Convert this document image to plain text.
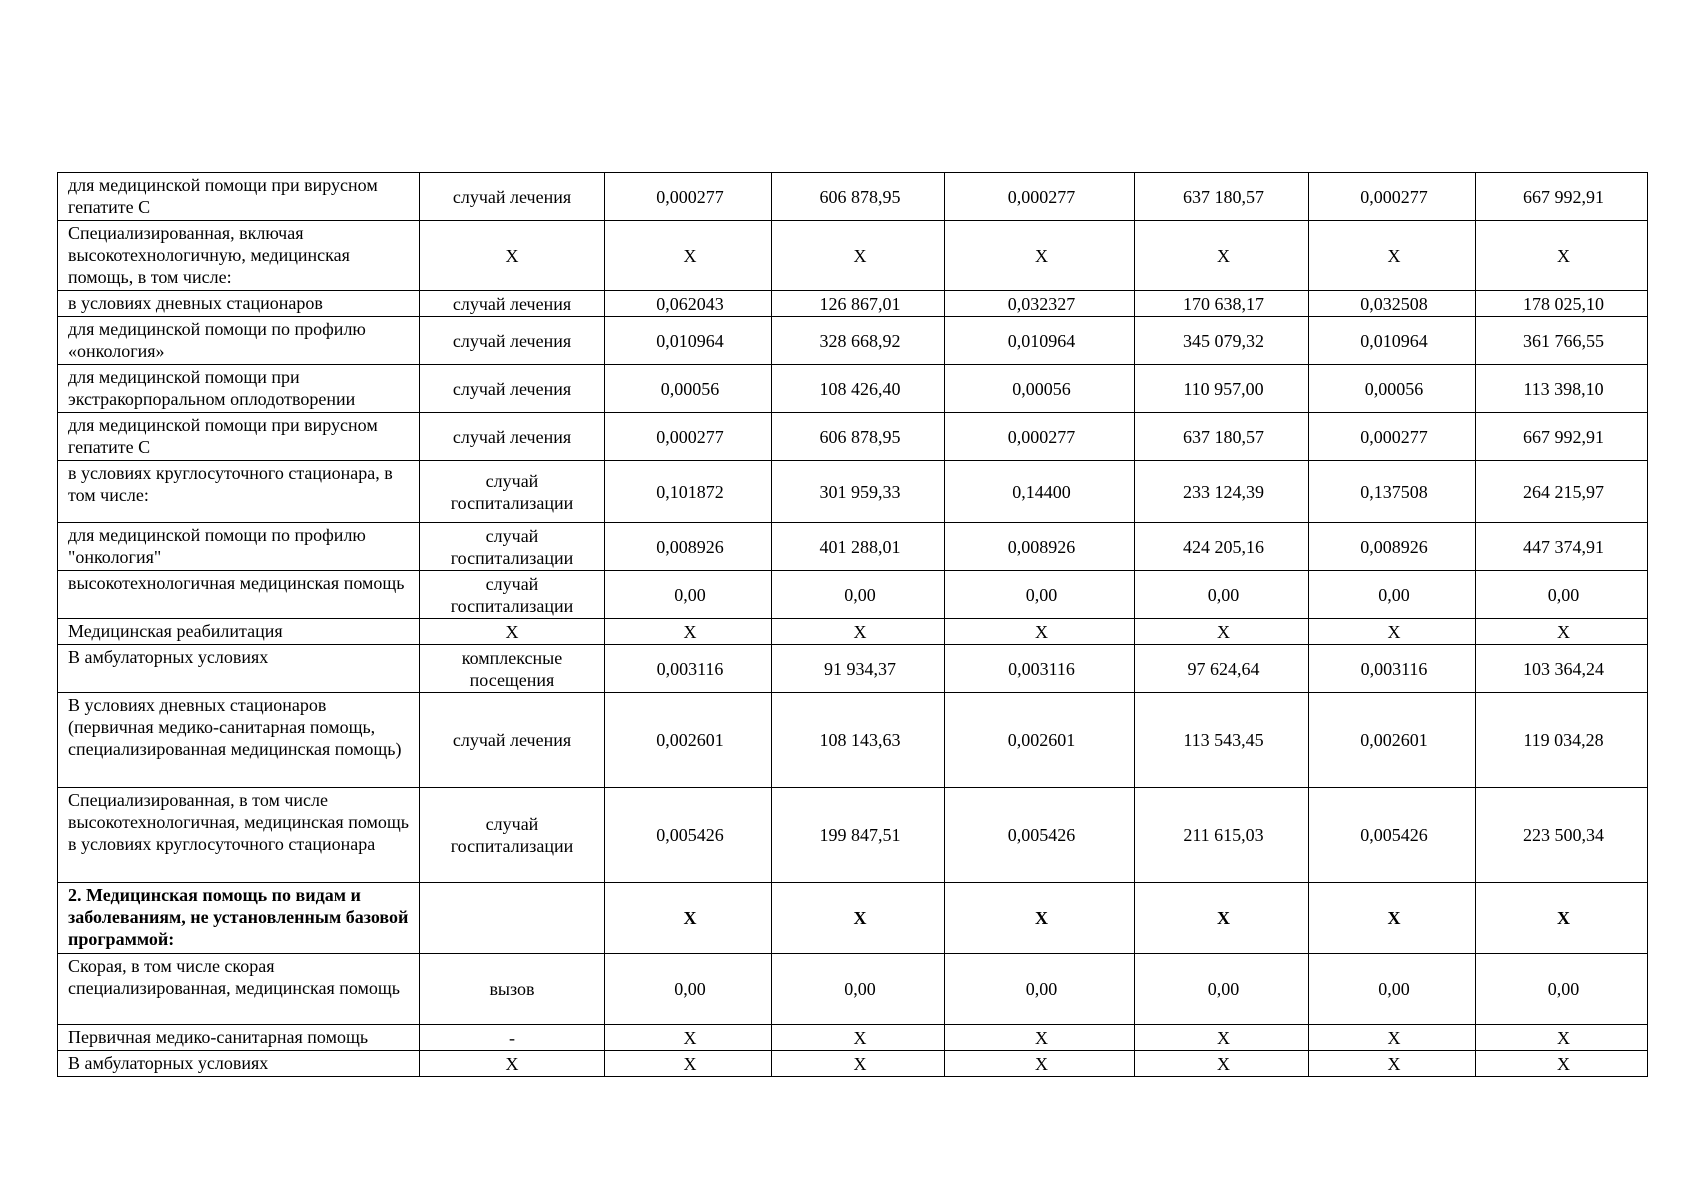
для медицинской помощи при вирусном гепатите С	случай лечения	0,000277	606 878,95	0,000277	637 180,57	0,000277	667 992,91
Специализированная, включая высокотехнологичную, медицинская помощь, в том числе:	X	X	X	X	X	X	X
в условиях дневных стационаров	случай лечения	0,062043	126 867,01	0,032327	170 638,17	0,032508	178 025,10
для медицинской помощи по профилю «онкология»	случай лечения	0,010964	328 668,92	0,010964	345 079,32	0,010964	361 766,55
для медицинской помощи при экстракорпоральном оплодотворении	случай лечения	0,00056	108 426,40	0,00056	110 957,00	0,00056	113 398,10
для медицинской помощи при вирусном гепатите С	случай лечения	0,000277	606 878,95	0,000277	637 180,57	0,000277	667 992,91
в условиях круглосуточного стационара, в том числе:	случай госпитализации	0,101872	301 959,33	0,14400	233 124,39	0,137508	264 215,97
для медицинской помощи по профилю "онкология"	случай госпитализации	0,008926	401 288,01	0,008926	424 205,16	0,008926	447 374,91
высокотехнологичная медицинская помощь	случай госпитализации	0,00	0,00	0,00	0,00	0,00	0,00
Медицинская реабилитация	X	X	X	X	X	X	X
В амбулаторных условиях	комплексные посещения	0,003116	91 934,37	0,003116	97 624,64	0,003116	103 364,24
В условиях дневных стационаров (первичная медико-санитарная помощь, специализированная медицинская помощь)	случай лечения	0,002601	108 143,63	0,002601	113 543,45	0,002601	119 034,28
Специализированная, в том числе высокотехнологичная, медицинская помощь в условиях круглосуточного стационара	случай госпитализации	0,005426	199 847,51	0,005426	211 615,03	0,005426	223 500,34
2. Медицинская помощь по видам и заболеваниям, не установленным базовой программой:		X	X	X	X	X	X
Скорая, в том числе скорая специализированная, медицинская помощь	вызов	0,00	0,00	0,00	0,00	0,00	0,00
Первичная медико-санитарная помощь	-	X	X	X	X	X	X
В амбулаторных условиях	X	X	X	X	X	X	X
